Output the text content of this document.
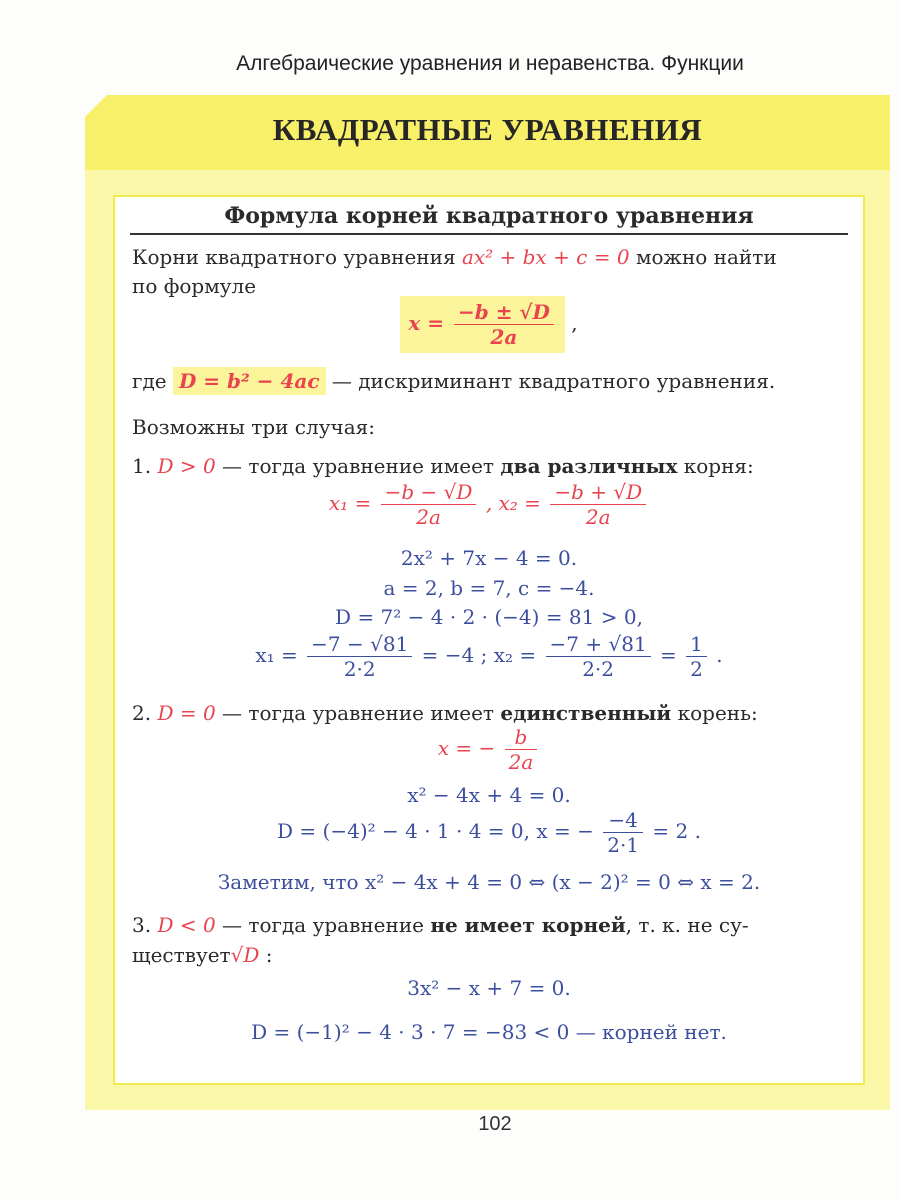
Алгебраические уравнения и неравенства. Функции
КВАДРАТНЫЕ УРАВНЕНИЯ
Формула корней квадратного уравнения
Корни квадратного уравнения ax² + bx + c = 0 можно найти
по формуле
$x = \frac{-b \pm √D}{2a}$ ,
где D = b² − 4ac — дискриминант квадратного уравнения.
Возможны три случая:
1. D > 0 — тогда уравнение имеет два различных корня:
$x_1 = \frac{-b - √D}{2a}$ , $x_2 = \frac{-b + √D}{2a}$
2x² + 7x − 4 = 0.
a = 2, b = 7, c = −4.
D = 7² − 4 · 2 · (−4) = 81 > 0,
$x_1 = \frac{-7 - √81}{2\cdot 2} = -4$ ; $x_2 = \frac{-7 + √81}{2\cdot 2} = \frac{1}{2}$ .
2. D = 0 — тогда уравнение имеет единственный корень:
x = − $\frac{b}{2a}$
x² − 4x + 4 = 0.
D = (−4)² − 4 · 1 · 4 = 0, x = − $\frac{-4}{2\cdot 1} = 2$ .
Заметим, что x² − 4x + 4 = 0 ⇔ (x − 2)² = 0 ⇔ x = 2.
3. D < 0 — тогда уравнение не имеет корней, т. к. не су-
ществует√D :
3x² − x + 7 = 0.
D = (−1)² − 4 · 3 · 7 = −83 < 0 — корней нет.
102
